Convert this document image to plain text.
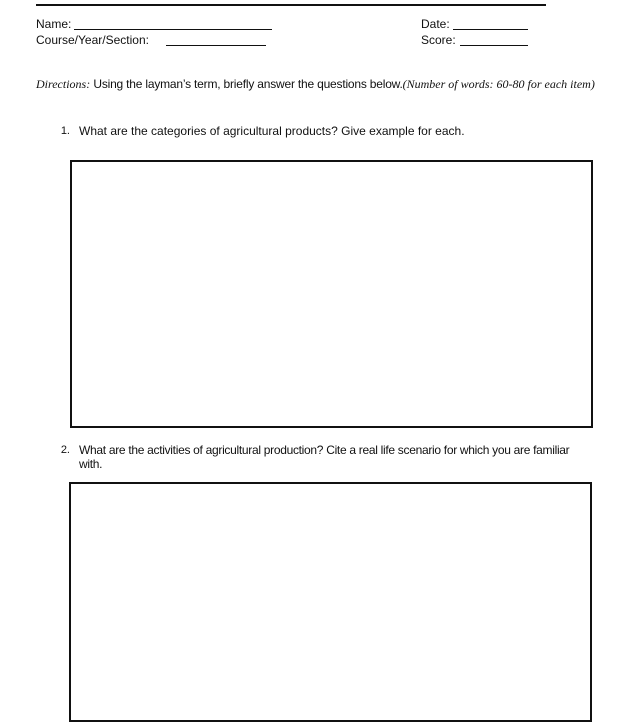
Name:
Course/Year/Section:
Date:
Score:
Directions: Using the layman’s term, briefly answer the questions below.(Number of words: 60-80 for each item)
1. What are the categories of agricultural products? Give example for each.
2. What are the activities of agricultural production? Cite a real life scenario for which you are familiar with.
